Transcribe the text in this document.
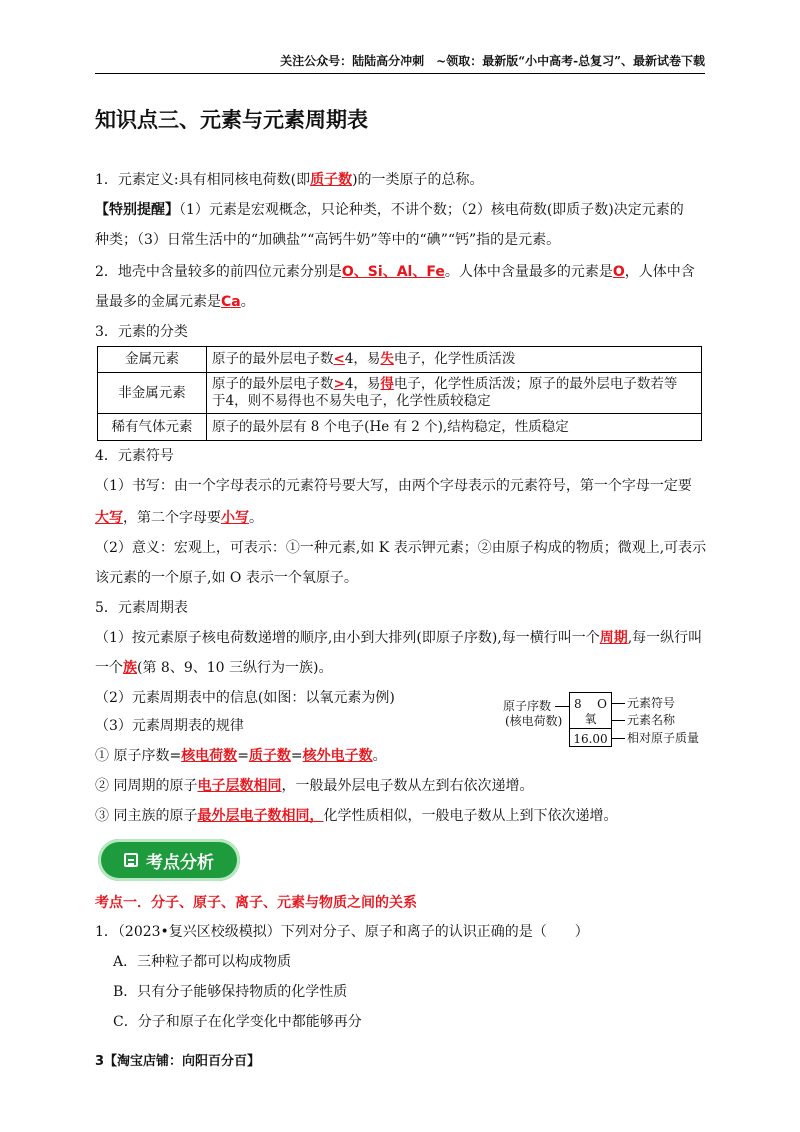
关注公众号：陆陆高分冲刺　~领取：最新版“小中高考-总复习”、最新试卷下载
知识点三、元素与元素周期表
1．元素定义:具有相同核电荷数(即质子数)的一类原子的总称。
【特别提醒】（1）元素是宏观概念，只论种类，不讲个数；（2）核电荷数(即质子数)决定元素的
种类；（3）日常生活中的“加碘盐”“高钙牛奶”等中的“碘”“钙”指的是元素。
2．地壳中含量较多的前四位元素分别是O、Si、Al、Fe。人体中含量最多的元素是O，人体中含
量最多的金属元素是Ca。
3．元素的分类
金属元素	原子的最外层电子数<4，易失电子，化学性质活泼
非金属元素	原子的最外层电子数>4，易得电子，化学性质活泼；原子的最外层电子数若等
于4，则不易得也不易失电子，化学性质较稳定
稀有气体元素	原子的最外层有 8 个电子(He 有 2 个),结构稳定，性质稳定
4．元素符号
（1）书写：由一个字母表示的元素符号要大写，由两个字母表示的元素符号，第一个字母一定要
大写，第二个字母要小写。
（2）意义：宏观上，可表示：①一种元素,如 K 表示钾元素；②由原子构成的物质；微观上,可表示
该元素的一个原子,如 O 表示一个氧原子。
5．元素周期表
（1）按元素原子核电荷数递增的顺序,由小到大排列(即原子序数),每一横行叫一个周期,每一纵行叫
一个族(第 8、9、10 三纵行为一族)。
（2）元素周期表中的信息(如图：以氧元素为例)
（3）元素周期表的规律
原子序数
(核电荷数)
8 O
氧
16.00
元素符号
元素名称
相对原子质量
① 原子序数=核电荷数=质子数=核外电子数。
② 同周期的原子电子层数相同，一般最外层电子数从左到右依次递增。
③ 同主族的原子最外层电子数相同，化学性质相似，一般电子数从上到下依次递增。
考点分析
考点一．分子、原子、离子、元素与物质之间的关系
1．（2023•复兴区校级模拟）下列对分子、原子和离子的认识正确的是（　　）
A．三种粒子都可以构成物质
B．只有分子能够保持物质的化学性质
C．分子和原子在化学变化中都能够再分
3【淘宝店铺：向阳百分百】
